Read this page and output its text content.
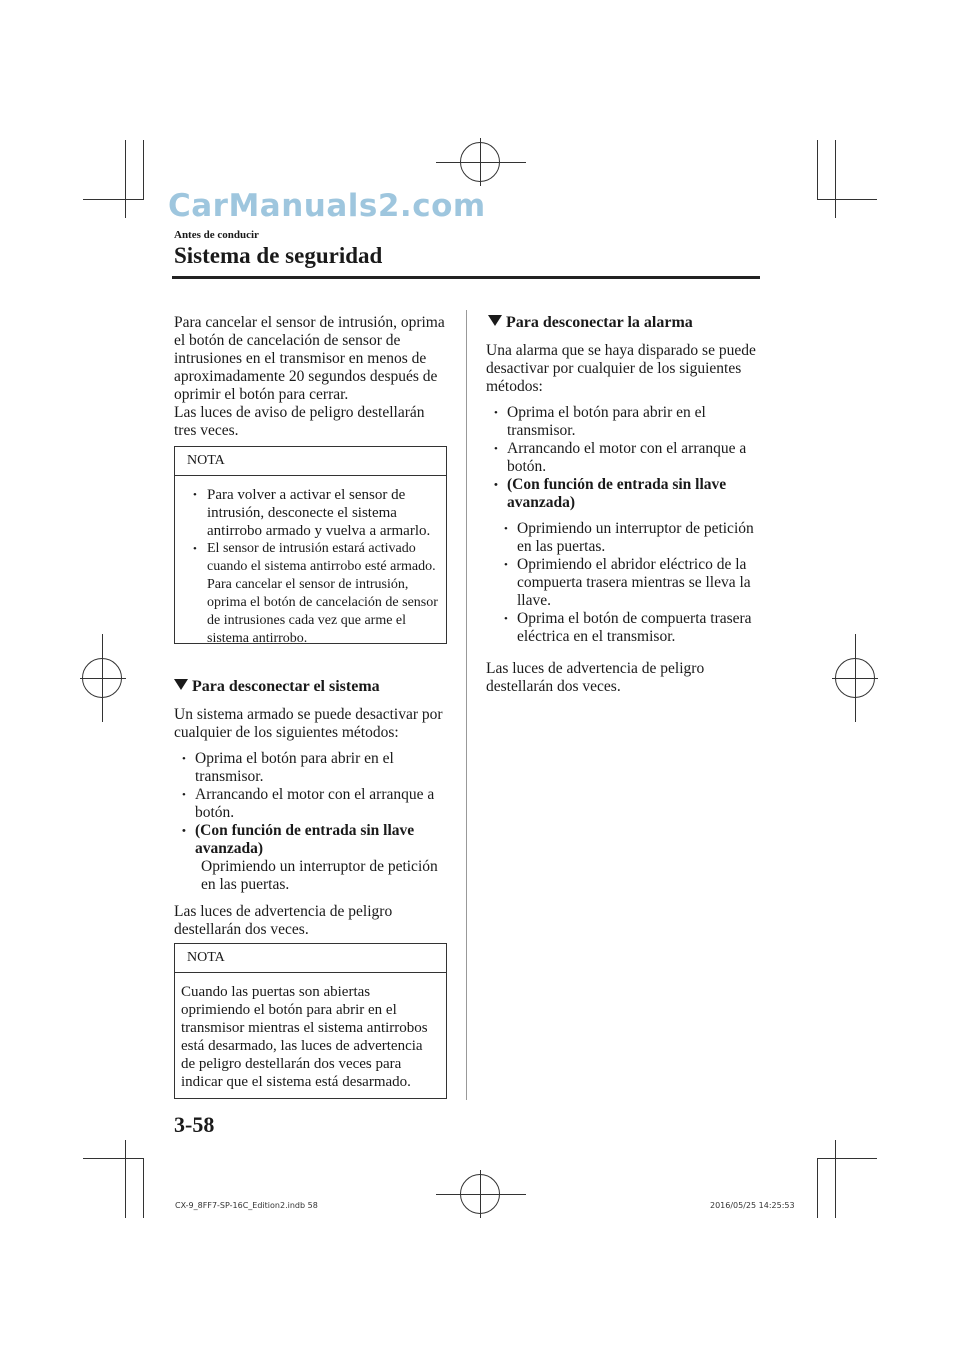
CarManuals2.com
Antes de conducir
Sistema de seguridad
Para cancelar el sensor de intrusión, oprima el botón de cancelación de sensor de intrusiones en el transmisor en menos de aproximadamente 20 segundos después de oprimir el botón para cerrar.
Las luces de aviso de peligro destellarán tres veces.
NOTA
• Para volver a activar el sensor de intrusión, desconecte el sistema antirrobo armado y vuelva a armarlo.
• El sensor de intrusión estará activado cuando el sistema antirrobo esté armado. Para cancelar el sensor de intrusión, oprima el botón de cancelación de sensor de intrusiones cada vez que arme el sistema antirrobo.
Para desconectar el sistema
Un sistema armado se puede desactivar por cualquier de los siguientes métodos:
• Oprima el botón para abrir en el transmisor.
• Arrancando el motor con el arranque a botón.
• (Con función de entrada sin llave avanzada)
Oprimiendo un interruptor de petición en las puertas.
Las luces de advertencia de peligro destellarán dos veces.
NOTA
Cuando las puertas son abiertas oprimiendo el botón para abrir en el transmisor mientras el sistema antirrobos está desarmado, las luces de advertencia de peligro destellarán dos veces para indicar que el sistema está desarmado.
Para desconectar la alarma
Una alarma que se haya disparado se puede desactivar por cualquier de los siguientes métodos:
• Oprima el botón para abrir en el transmisor.
• Arrancando el motor con el arranque a botón.
• (Con función de entrada sin llave avanzada)
• Oprimiendo un interruptor de petición en las puertas.
• Oprimiendo el abridor eléctrico de la compuerta trasera mientras se lleva la llave.
• Oprima el botón de compuerta trasera eléctrica en el transmisor.
Las luces de advertencia de peligro destellarán dos veces.
3-58
CX-9_8FF7-SP-16C_Edition2.indb 58	2016/05/25 14:25:53
